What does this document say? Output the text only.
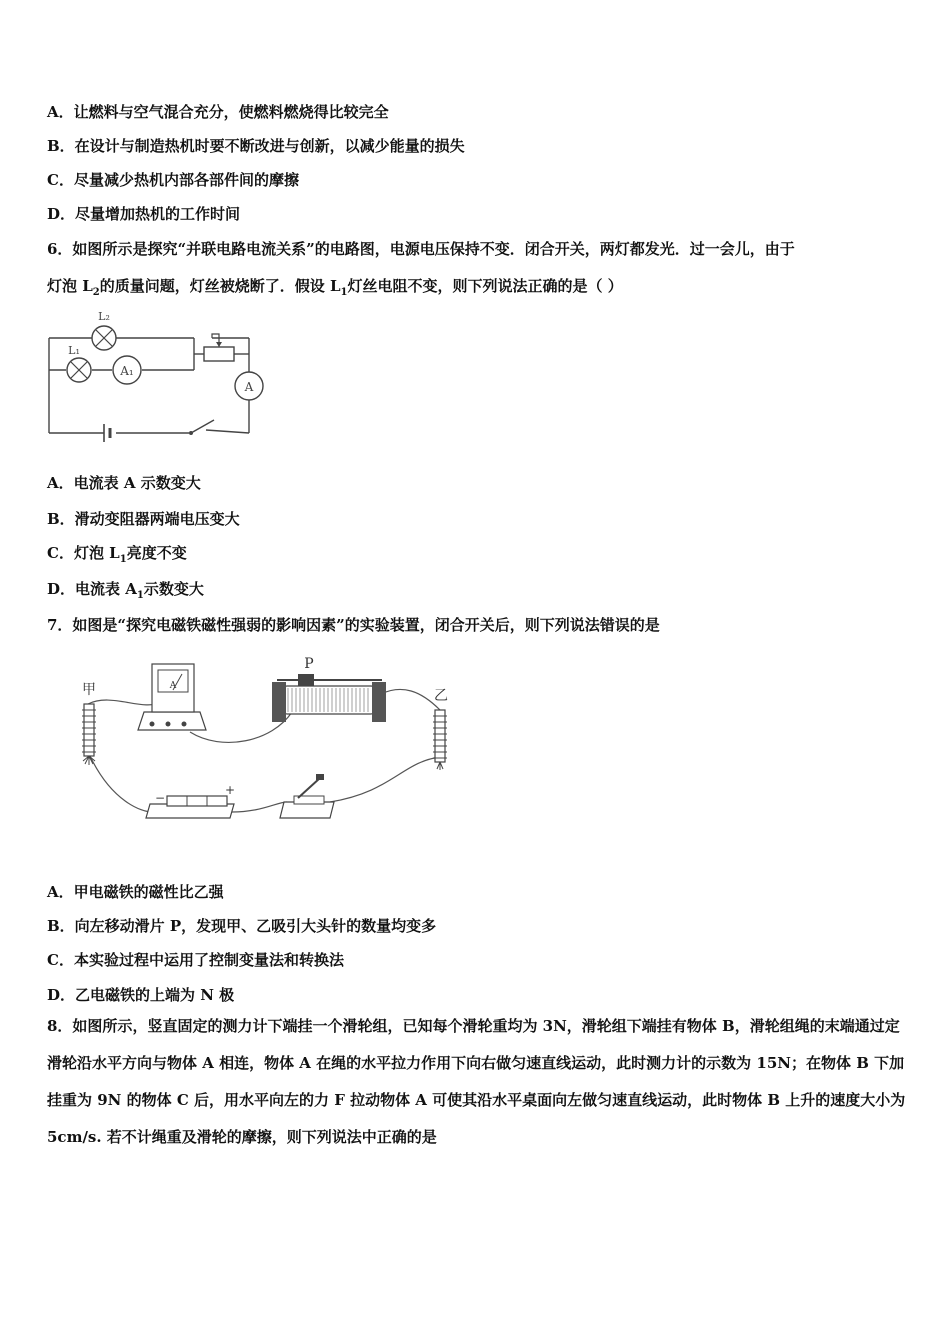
A．让燃料与空气混合充分，使燃料燃烧得比较完全
B．在设计与制造热机时要不断改进与创新，以减少能量的损失
C．尽量减少热机内部各部件间的摩擦
D．尽量增加热机的工作时间
6．如图所示是探究“并联电路电流关系”的电路图，电源电压保持不变．闭合开关，两灯都发光．过一会儿，由于
灯泡 $L_2$的质量问题，灯丝被烧断了．假设 $L_1$灯丝电阻不变，则下列说法正确的是（ ）
L₂
L₁
A₁
A
A．电流表 A 示数变大
B．滑动变阻器两端电压变大
C．灯泡 $L_1$亮度不变
D．电流表 $A_1$示数变大
7．如图是“探究电磁铁磁性强弱的影响因素”的实验装置，闭合开关后，则下列说法错误的是
甲	乙
A
P
−
+
A．甲电磁铁的磁性比乙强
B．向左移动滑片 P，发现甲、乙吸引大头针的数量均变多
C．本实验过程中运用了控制变量法和转换法
D．乙电磁铁的上端为 N 极
8．如图所示，竖直固定的测力计下端挂一个滑轮组，已知每个滑轮重均为 3N，滑轮组下端挂有物体 B，滑轮组绳的末端通过定滑轮沿水平方向与物体 A 相连，物体 A 在绳的水平拉力作用下向右做匀速直线运动，此时测力计的示数为 15N；在物体 B 下加挂重为 9N 的物体 C 后，用水平向左的力 F 拉动物体 A 可使其沿水平桌面向左做匀速直线运动，此时物体 B 上升的速度大小为 5cm/s. 若不计绳重及滑轮的摩擦，则下列说法中正确的是
